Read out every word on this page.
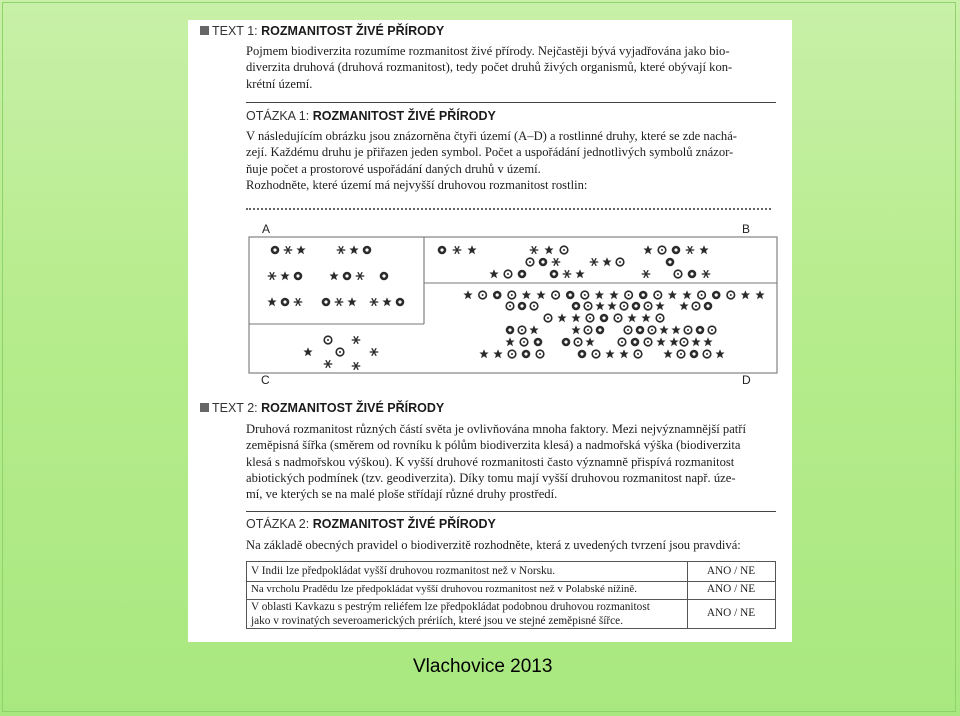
TEXT 1: ROZMANITOST ŽIVÉ PŘÍRODY
Pojmem biodiverzita rozumíme rozmanitost živé přírody. Nejčastěji bývá vyjadřována jako bio-
diverzita druhová (druhová rozmanitost), tedy počet druhů živých organismů, které obývají kon-
krétní území.
OTÁZKA 1: ROZMANITOST ŽIVÉ PŘÍRODY
V následujícím obrázku jsou znázorněna čtyři území (A–D) a rostlinné druhy, které se zde nachá-
zejí. Každému druhu je přiřazen jeden symbol. Počet a uspořádání jednotlivých symbolů znázor-
ňuje počet a prostorové uspořádání daných druhů v území.
Rozhodněte, které území má nejvyšší druhovou rozmanitost rostlin:
A	B
C	D
TEXT 2: ROZMANITOST ŽIVÉ PŘÍRODY
Druhová rozmanitost různých částí světa je ovlivňována mnoha faktory. Mezi nejvýznamnější patří
zeměpisná šířka (směrem od rovníku k pólům biodiverzita klesá) a nadmořská výška (biodiverzita
klesá s nadmořskou výškou). K vyšší druhové rozmanitosti často významně přispívá rozmanitost
abiotických podmínek (tzv. geodiverzita). Díky tomu mají vyšší druhovou rozmanitost např. úze-
mí, ve kterých se na malé ploše střídají různé druhy prostředí.
OTÁZKA 2: ROZMANITOST ŽIVÉ PŘÍRODY
Na základě obecných pravidel o biodiverzitě rozhodněte, která z uvedených tvrzení jsou pravdivá:
V Indii lze předpokládat vyšší druhovou rozmanitost než v Norsku.	ANO / NE
Na vrcholu Pradědu lze předpokládat vyšší druhovou rozmanitost než v Polabské nížině.	ANO / NE
V oblasti Kavkazu s pestrým reliéfem lze předpokládat podobnou druhovou rozmanitost
jako v rovinatých severoamerických prériích, které jsou ve stejné zeměpisné šířce.
ANO / NE
Vlachovice 2013
